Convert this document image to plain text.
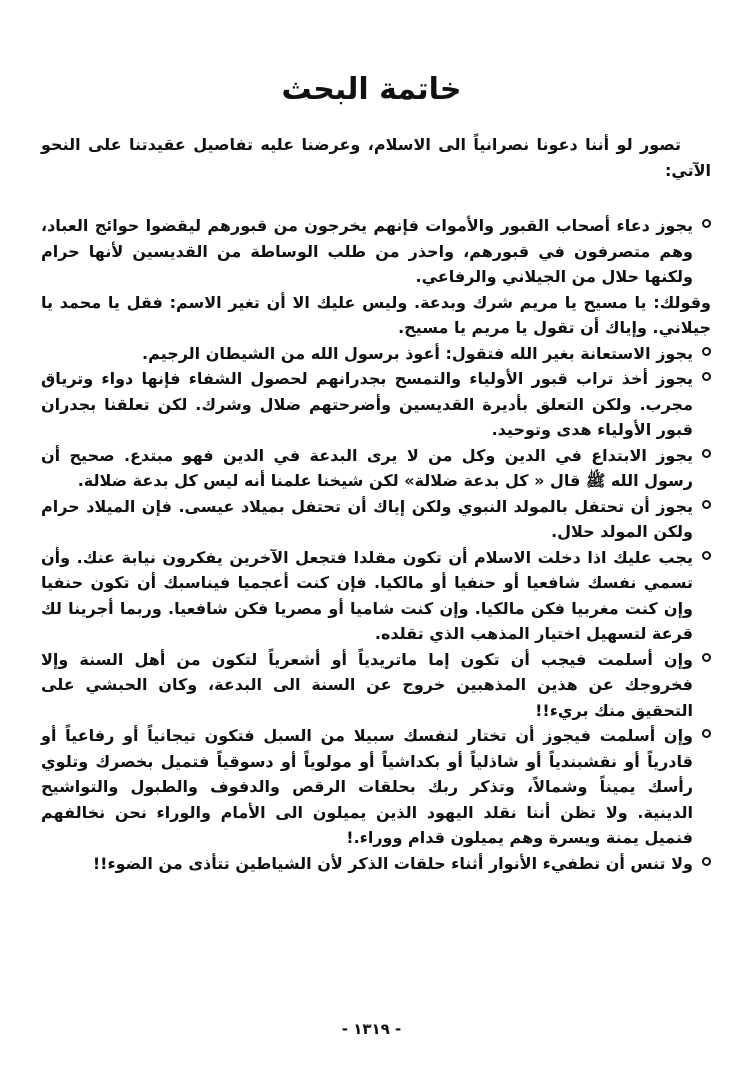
خاتمة البحث

تصور لو أننا دعونا نصرانياً الى الاسلام، وعرضنا عليه تفاصيل عقيدتنا على النحو الآتي:

يجوز دعاء أصحاب القبور والأموات فإنهم يخرجون من قبورهم ليقضوا حوائج العباد، وهم متصرفون في قبورهم، واحذر من طلب الوساطة من القديسين لأنها حرام ولكنها حلال من الجيلاني والرفاعي.

وقولك: يا مسيح يا مريم شرك وبدعة. وليس عليك الا أن تغير الاسم: فقل يا محمد يا جيلاني. وإياك أن تقول يا مريم يا مسيح.

يجوز الاستعانة بغير الله فتقول: أعوذ برسول الله من الشيطان الرجيم.

يجوز أخذ تراب قبور الأولياء والتمسح بجدرانهم لحصول الشفاء فإنها دواء وترياق مجرب. ولكن التعلق بأديرة القديسين وأضرحتهم ضلال وشرك. لكن تعلقنا بجدران قبور الأولياء هدى وتوحيد.

يجوز الابتداع في الدين وكل من لا يرى البدعة في الدين فهو مبتدع. صحيح أن رسول الله ﷺ قال « كل بدعة ضلالة» لكن شيخنا علمنا أنه ليس كل بدعة ضلالة.

يجوز أن تحتفل بالمولد النبوي ولكن إياك أن تحتفل بميلاد عيسى. فإن الميلاد حرام ولكن المولد حلال.

يجب عليك اذا دخلت الاسلام أن تكون مقلدا فتجعل الآخرين يفكرون نيابة عنك. وأن تسمي نفسك شافعيا أو حنفيا أو مالكيا. فإن كنت أعجميا فيناسبك أن تكون حنفيا وإن كنت مغربيا فكن مالكيا. وإن كنت شاميا أو مصريا فكن شافعيا. وربما أجرينا لك قرعة لتسهيل اختيار المذهب الذي تقلده.

وإن أسلمت فيجب أن تكون إما ماتريدياً أو أشعرياً لتكون من أهل السنة وإلا فخروجك عن هذين المذهبين خروج عن السنة الى البدعة، وكان الحبشي على التحقيق منك بريء!!

وإن أسلمت فيجوز أن تختار لنفسك سبيلا من السبل فتكون تيجانياً أو رفاعياً أو قادرياً أو نقشبندياً أو شاذلياً أو بكداشياً أو مولوياً أو دسوقياً فتميل بخصرك وتلوي رأسك يميناً وشمالاً، وتذكر ربك بحلقات الرقص والدفوف والطبول والتواشيح الدينية. ولا تظن أننا نقلد اليهود الذين يميلون الى الأمام والوراء نحن نخالفهم فنميل يمنة ويسرة وهم يميلون قدام ووراء.!

ولا تنس أن تطفيء الأنوار أثناء حلقات الذكر لأن الشياطين تتأذى من الضوء!!

- ١٣١٩ -
